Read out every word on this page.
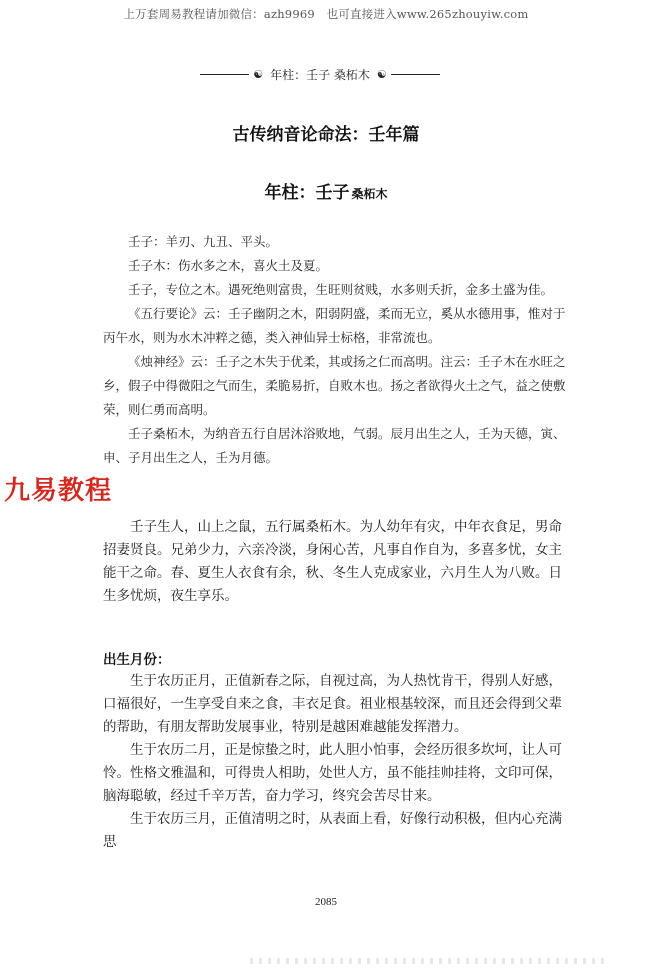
上万套周易教程请加微信：azh9969　也可直接进入www.265zhouyiw.com
☯ 年柱：壬子 桑柘木 ☯
古传纳音论命法：壬年篇
年柱：壬子 桑柘木

壬子：羊刃、九丑、平头。

壬子木：伤水多之木，喜火土及夏。

壬子，专位之木。遇死绝则富贵，生旺则贫贱，水多则夭折，金多土盛为佳。

《五行要论》云：壬子幽阴之木，阳弱阴盛，柔而无立，奚从水德用事，惟对于丙午水，则为水木冲粹之德，类入神仙异士标格，非常流也。

《烛神经》云：壬子之木失于优柔，其或扬之仁而高明。注云：壬子木在水旺之乡，假子中得微阳之气而生，柔脆易折，自败木也。扬之者欲得火土之气，益之使敷荣，则仁勇而高明。

壬子桑柘木，为纳音五行自居沐浴败地，气弱。辰月出生之人，壬为天德，寅、申、子月出生之人，壬为月德。

九易教程

壬子生人，山上之鼠，五行属桑柘木。为人幼年有灾，中年衣食足，男命招妻贤良。兄弟少力，六亲冷淡，身闲心苦，凡事自作自为，多喜多忧，女主能干之命。春、夏生人衣食有余，秋、冬生人克成家业，六月生人为八败。日生多忧烦，夜生享乐。

出生月份：

生于农历正月，正值新春之际，自视过高，为人热忱肯干，得别人好感，口福很好，一生享受自来之食，丰衣足食。祖业根基较深，而且还会得到父辈的帮助，有朋友帮助发展事业，特别是越困难越能发挥潜力。

生于农历二月，正是惊蛰之时，此人胆小怕事，会经历很多坎坷，让人可怜。性格文雅温和，可得贵人相助，处世人方，虽不能挂帅挂将，文印可保，脑海聪敏，经过千辛万苦，奋力学习，终究会苦尽甘来。

生于农历三月，正值清明之时，从表面上看，好像行动积极，但内心充满思

2085
